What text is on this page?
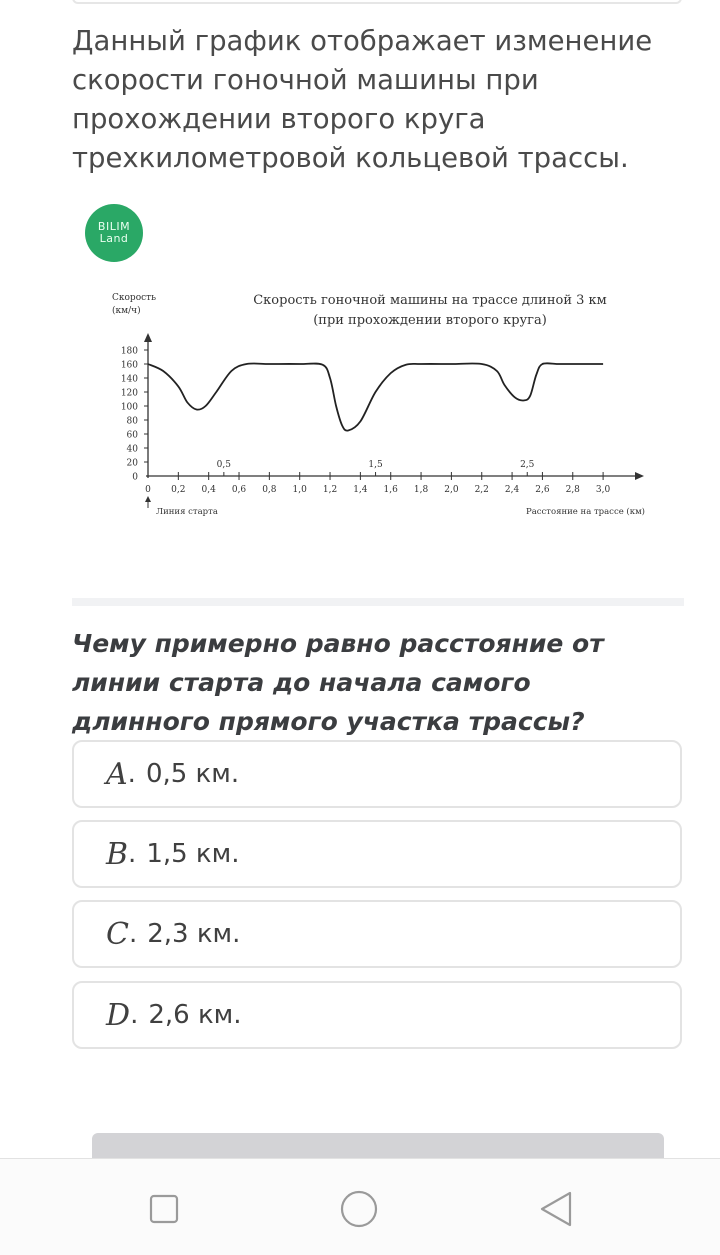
Данный график отображает изменение скорости гоночной машины при прохождении второго круга трехкилометровой кольцевой трассы.
BILIM
Land
Скорость гоночной машины на трассе длиной 3 км
(при прохождении второго круга)
Скорость
(км/ч)
0
20
40
60
80
100
120
140
160
180
0 0,2 0,4 0,6 0,8 1,0 1,2 1,4 1,6 1,8 2,0 2,2 2,4 2,6 2,8 3,0
0,5	1,5	2,5
Линия старта	Расстояние на трассе (км)
Чему примерно равно расстояние от линии старта до начала самого длинного прямого участка трассы?
A . 0,5 км.
B . 1,5 км.
C . 2,3 км.
D . 2,6 км.
